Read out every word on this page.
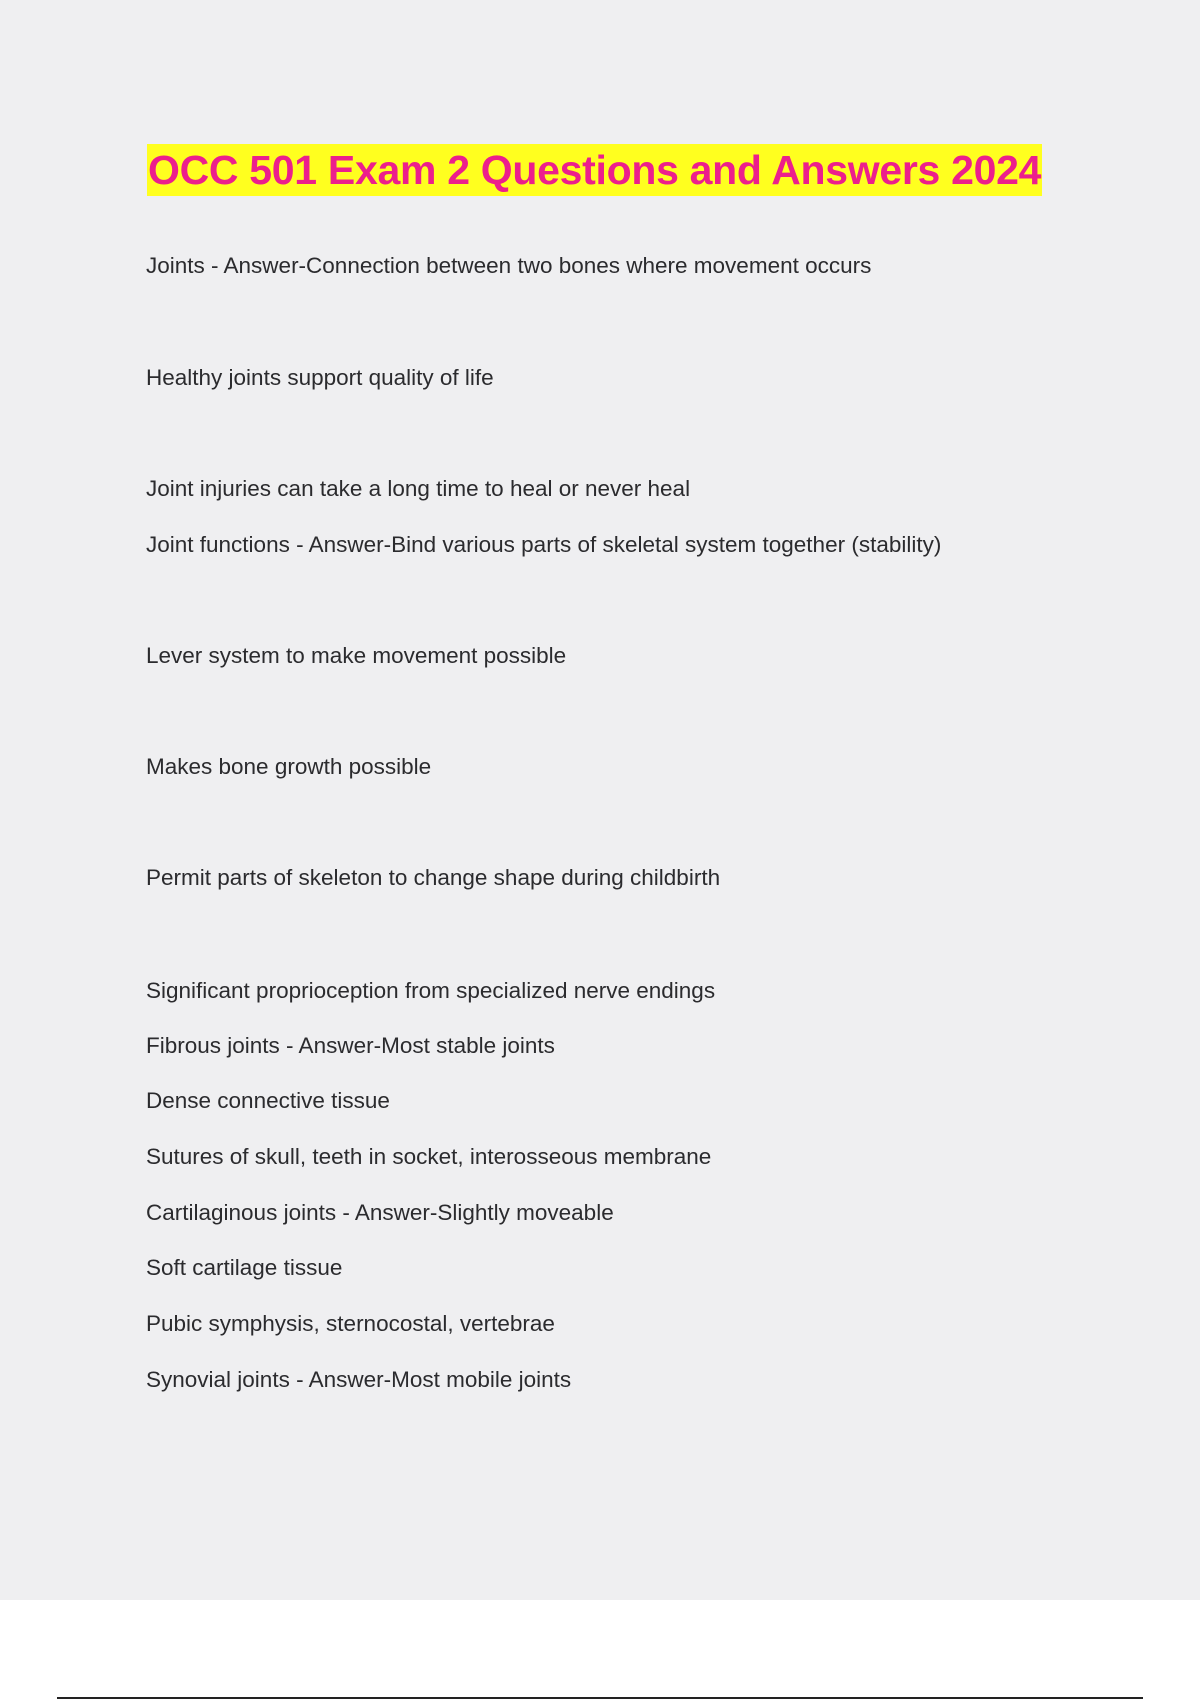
OCC 501 Exam 2 Questions and Answers 2024
Joints - Answer-Connection between two bones where movement occurs
Healthy joints support quality of life
Joint injuries can take a long time to heal or never heal
Joint functions - Answer-Bind various parts of skeletal system together (stability)
Lever system to make movement possible
Makes bone growth possible
Permit parts of skeleton to change shape during childbirth
Significant proprioception from specialized nerve endings
Fibrous joints - Answer-Most stable joints
Dense connective tissue
Sutures of skull, teeth in socket, interosseous membrane
Cartilaginous joints - Answer-Slightly moveable
Soft cartilage tissue
Pubic symphysis, sternocostal, vertebrae
Synovial joints - Answer-Most mobile joints
